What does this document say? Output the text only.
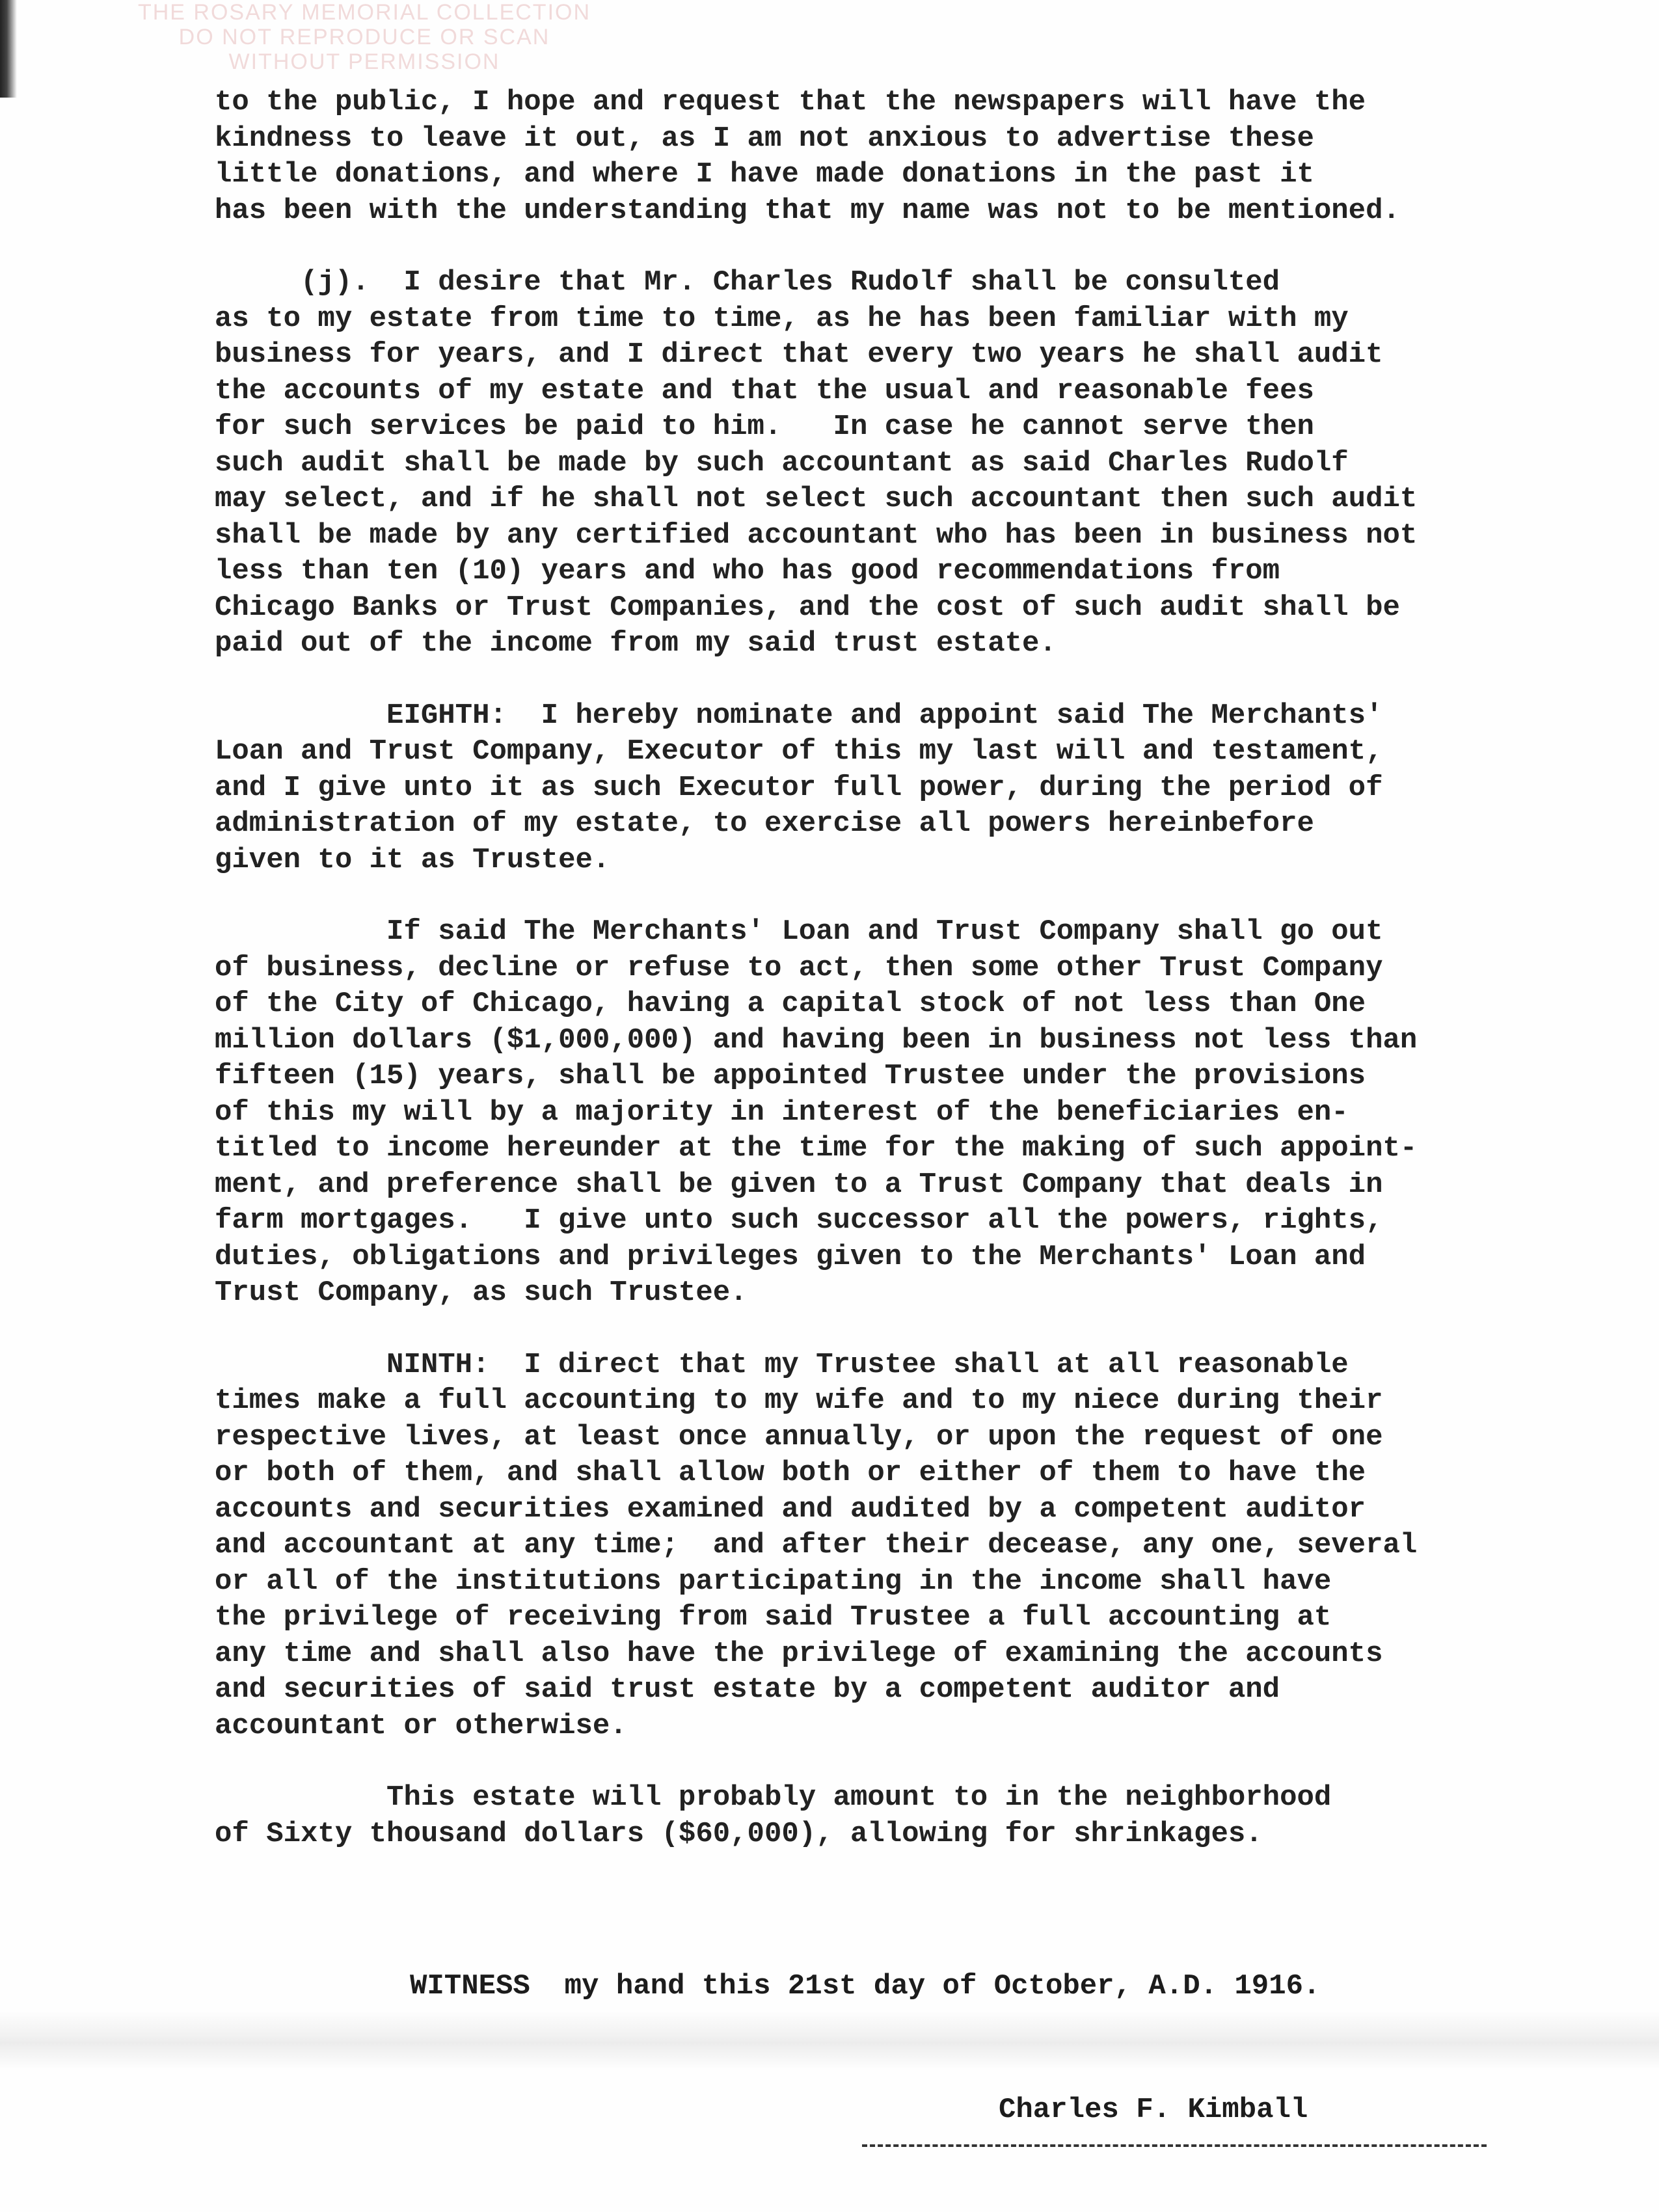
THE ROSARY MEMORIAL COLLECTION
DO NOT REPRODUCE OR SCAN
WITHOUT PERMISSION
to the public, I hope and request that the newspapers will have the
kindness to leave it out, as I am not anxious to advertise these
little donations, and where I have made donations in the past it
has been with the understanding that my name was not to be mentioned.
(j).  I desire that Mr. Charles Rudolf shall be consulted
as to my estate from time to time, as he has been familiar with my
business for years, and I direct that every two years he shall audit
the accounts of my estate and that the usual and reasonable fees
for such services be paid to him.   In case he cannot serve then
such audit shall be made by such accountant as said Charles Rudolf
may select, and if he shall not select such accountant then such audit
shall be made by any certified accountant who has been in business not
less than ten (10) years and who has good recommendations from
Chicago Banks or Trust Companies, and the cost of such audit shall be
paid out of the income from my said trust estate.
EIGHTH:  I hereby nominate and appoint said The Merchants'
Loan and Trust Company, Executor of this my last will and testament,
and I give unto it as such Executor full power, during the period of
administration of my estate, to exercise all powers hereinbefore
given to it as Trustee.
If said The Merchants' Loan and Trust Company shall go out
of business, decline or refuse to act, then some other Trust Company
of the City of Chicago, having a capital stock of not less than One
million dollars ($1,000,000) and having been in business not less than
fifteen (15) years, shall be appointed Trustee under the provisions
of this my will by a majority in interest of the beneficiaries en-
titled to income hereunder at the time for the making of such appoint-
ment, and preference shall be given to a Trust Company that deals in
farm mortgages.   I give unto such successor all the powers, rights,
duties, obligations and privileges given to the Merchants' Loan and
Trust Company, as such Trustee.
NINTH:  I direct that my Trustee shall at all reasonable
times make a full accounting to my wife and to my niece during their
respective lives, at least once annually, or upon the request of one
or both of them, and shall allow both or either of them to have the
accounts and securities examined and audited by a competent auditor
and accountant at any time;  and after their decease, any one, several
or all of the institutions participating in the income shall have
the privilege of receiving from said Trustee a full accounting at
any time and shall also have the privilege of examining the accounts
and securities of said trust estate by a competent auditor and
accountant or otherwise.
This estate will probably amount to in the neighborhood
of Sixty thousand dollars ($60,000), allowing for shrinkages.
WITNESS  my hand this 21st day of October, A.D. 1916.
Charles F. Kimball
